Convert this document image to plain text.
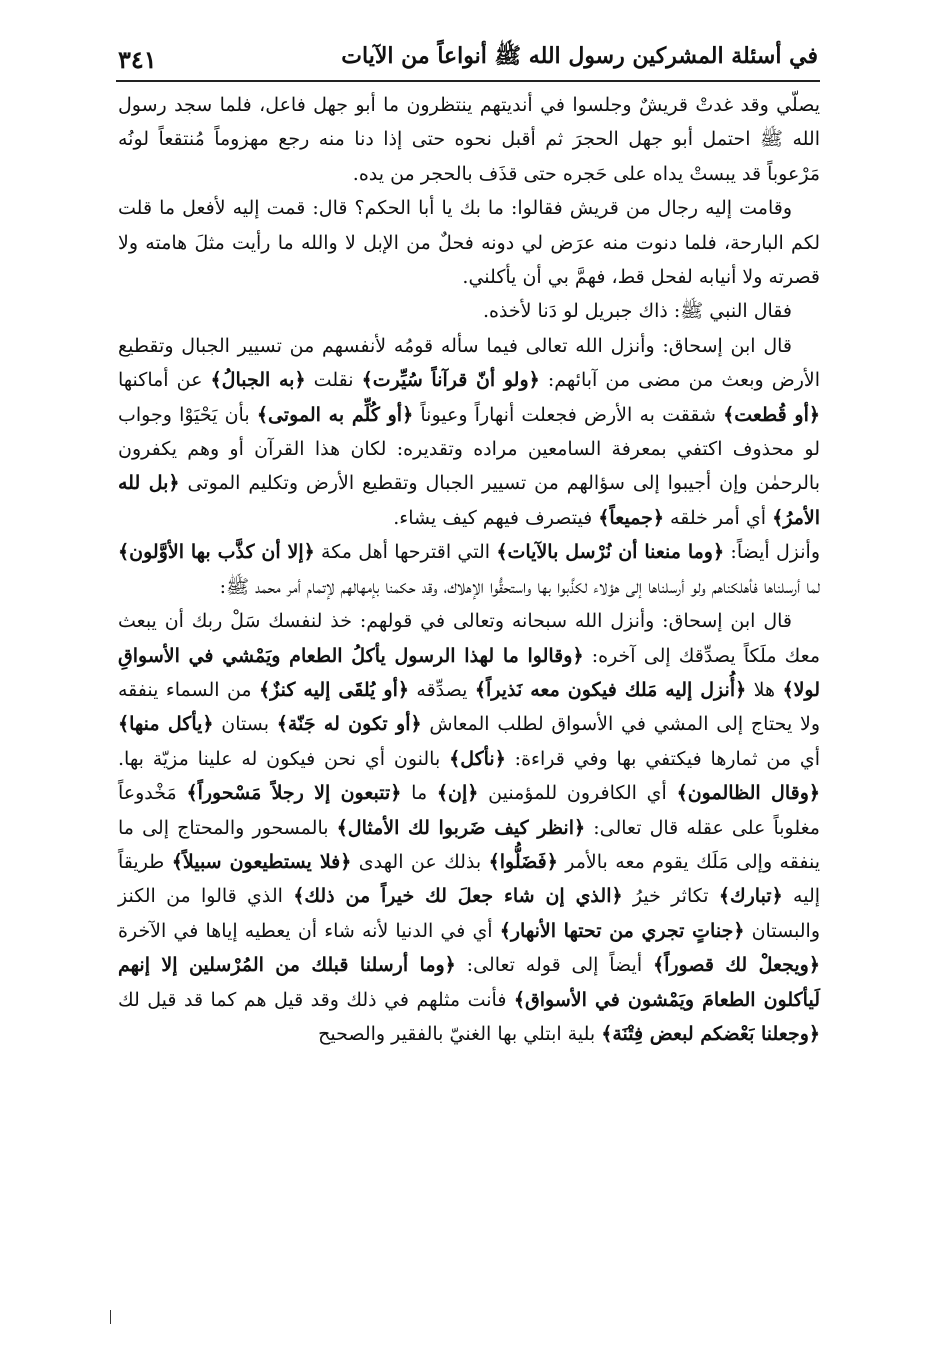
في أسئلة المشركين رسول الله ﷺ أنواعاً من الآيات
٣٤١

يصلّي وقد غدتْ قريشٌ وجلسوا في أنديتهم ينتظرون ما أبو جهل فاعل، فلما سجد رسول الله ﷺ احتمل أبو جهل الحجرَ ثم أقبل نحوه حتى إذا دنا منه رجع مهزوماً مُنتقعاً لونُه مَرْعوباً قد يبستْ يداه على حَجره حتى قذَف بالحجر من يده.

وقامت إليه رجال من قريش فقالوا: ما بك يا أبا الحكم؟ قال: قمت إليه لأفعل ما قلت لكم البارحة، فلما دنوت منه عرَض لي دونه فحلٌ من الإبل لا والله ما رأيت مثلَ هامته ولا قصرته ولا أنيابه لفحل قط، فهمَّ بي أن يأكلني.

فقال النبي ﷺ: ذاك جبريل لو دَنا لأخذه.

قال ابن إسحاق: وأنزل الله تعالى فيما سأله قومُه لأنفسهم من تسيير الجبال وتقطيع الأرض وبعث من مضى من آبائهم: ﴿ولو أنّ قرآناً سُيِّرت﴾ نقلت ﴿به الجبالُ﴾ عن أماكنها ﴿أو قُطعت﴾ شققت به الأرض فجعلت أنهاراً وعيوناً ﴿أو كُلِّم به الموتى﴾ بأن يَحْيَوْا وجواب لو محذوف اكتفي بمعرفة السامعين مراده وتقديره: لكان هذا القرآن أو وهم يكفرون بالرحمٰن وإن أجيبوا إلى سؤالهم من تسيير الجبال وتقطيع الأرض وتكليم الموتى ﴿بل لله الأمرُ﴾ أي أمر خلقه ﴿جميعاً﴾ فيتصرف فيهم كيف يشاء.

وأنزل أيضاً: ﴿وما منعنا أن نُرْسل بالآيات﴾ التي اقترحها أهل مكة ﴿إلا أن كذَّب بها الأوَّلون﴾ لما أرسلناها فأهلكناهم ولو أرسلناها إلى هؤلاء لكذَّبوا بها واستحقُّوا الإهلاك، وقد حكمنا بإمهالهم لإتمام أمر محمد ﷺ:

قال ابن إسحاق: وأنزل الله سبحانه وتعالى في قولهم: خذ لنفسك سَلْ ربك أن يبعث معك ملَكاً يصدِّقك إلى آخره: ﴿وقالوا ما لهذا الرسول يأكلُ الطعام ويَمْشي في الأسواقِ لولا﴾ هلا ﴿أُنزل إليه مَلك فيكون معه نَذيراً﴾ يصدِّقه ﴿أو يُلقَى إليه كنزٌ﴾ من السماء ينفقه ولا يحتاج إلى المشي في الأسواق لطلب المعاش ﴿أو تكون له جَنّة﴾ بستان ﴿يأكل منها﴾ أي من ثمارها فيكتفي بها وفي قراءة: ﴿نأكل﴾ بالنون أي نحن فيكون له علينا مزيّة بها. ﴿وقال الظالمون﴾ أي الكافرون للمؤمنين ﴿إن﴾ ما ﴿تتبعون إلا رجلاً مَسْحوراً﴾ مَخْدوعاً مغلوباً على عقله قال تعالى: ﴿انظر كيف ضَربوا لك الأمثال﴾ بالمسحور والمحتاج إلى ما ينفقه وإلى مَلَك يقوم معه بالأمر ﴿فَضَلُّوا﴾ بذلك عن الهدى ﴿فلا يستطيعون سبيلاً﴾ طريقاً إليه ﴿تبارك﴾ تكاثر خيرُ ﴿الذي إن شاء جعلَ لك خيراً من ذلك﴾ الذي قالوا من الكنز والبستان ﴿جناتٍ تجري من تحتها الأنهار﴾ أي في الدنيا لأنه شاء أن يعطيه إياها في الآخرة ﴿ويجعلْ لك قصوراً﴾ أيضاً إلى قوله تعالى: ﴿وما أرسلنا قبلك من المُرْسلين إلا إنهم لَيأكلون الطعامَ ويَمْشون في الأسواق﴾ فأنت مثلهم في ذلك وقد قيل هم كما قد قيل لك ﴿وجعلنا بَعْضكم لبعض فِتْنَة﴾ بلية ابتلي بها الغنيّ بالفقير والصحيح
